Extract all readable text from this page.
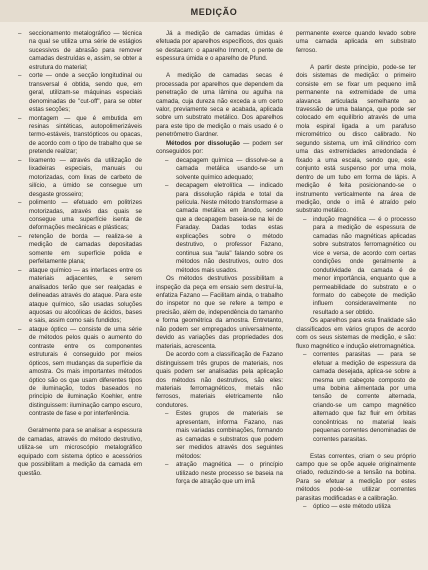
MEDIÇÃO

– seccionamento metalográfico — técnica na qual se utiliza uma série de estágios sucessivos de abrasão para remover camadas destruídas e, assim, se obter a estrutura do material;

– corte — onde a secção longitudinal ou transversal é obtida, sendo que, em geral, utilizam-se máquinas especiais denominadas de "cut-off", para se obter estas secções;

– montagem — que é embutida em resinas sintéticas, autopolimerizáveis termo-estáveis, transtópticos ou opacas, de acordo com o tipo de trabalho que se pretende realizar;

– lixamento — através da utilização de lixadeiras especiais, manuais ou motorizadas, com lixas de carbeto de silício, a úmido se consegue um desgaste grosseiro;

– polimento — efetuado em politrizes motorizadas, através das quais se consegue uma superfície isenta de deformações mecânicas e plásticas;

– retenção de borda — realiza-se a medição de camadas depositadas somente em superfície polida e perfeitamente plana;

– ataque químico — as interfaces entre os materiais adjacentes, e serem analisados terão que ser realçadas e delineadas através do ataque. Para este ataque químico, são usadas soluções aquosas ou alcoólicas de ácidos, bases e sais, assim como sais fundidos;

– ataque óptico — consiste de uma série de métodos pelos quais o aumento do contraste entre os componentes estruturais é conseguido por meios ópticos, sem mudanças da superfície da amostra. Os mais importantes métodos óptico são os que usam diferentes tipos de iluminação, todos baseados no princípio de iluminação Koehler, entre distinguissem: iluminação campo escuro, contraste de fase e por interferência.

Geralmente para se analisar a espessura de camadas, através do método destrutivo, utiliza-se um microscópio metalográfico equipado com sistema óptico e acessórios que possibilitam a medição da camada em questão.

Já a medição de camadas úmidas é efetuada por aparelhos específicos, dos quais se destacam: o aparelho Inmont, o pente de espessura úmida e o aparelho de Pfund.

A medição de camadas secas é processada por aparelhos que dependem da penetração de uma lâmina ou agulha na camada, cuja dureza não exceda a um certo valor, previamente seca e acabada, aplicada sobre um substrato metálico. Dos aparelhos para este tipo de medição o mais usado é o penetrômetro Gardner.

Métodos por dissolução — podem ser conseguidos por:

– decapagem química — dissolve-se a camada metálica usando-se um solvente químico adequado;

– decapagem eletrolítica — indicado para dissolução rápida e total da película. Neste método transformase a camada metálica em ânodo, sendo que a decapagem baseia-se na lei de Faraday. Dadas todas estas explicações sobre o método destrutivo, o professor Fazano, continua sua "aula" falando sobre os métodos não destrutivos, outro dos métodos mais usados.

Os métodos destrutivos possibilitam a inspeção da peça em ensaio sem destruí-la, enfatiza Fazano — Facilitam ainda, o trabalho do inspetor no que se refere a tempo e precisão, além de, independência do tamanho e forma geométrica da amostra. Entretanto, não podem ser empregados universalmente, devido as variações das propriedades dos materiais, acrescenta.

De acordo com a classificação de Fazano distinguissem três grupos de materiais, nos quais podem ser analisadas pela aplicação dos métodos não destrutivos, são eles: materiais ferromagnéticos, metais não ferrosos, materiais eletricamente não condutores.

– Estes grupos de materiais se apresentam, informa Fazano, nas mais variadas combinações, formando as camadas e substratos que podem ser medidos através dos seguintes métodos:

– atração magnética — o princípio utilizado neste processo se baseia na força de atração que um imã

permanente exerce quando levado sobre uma camada aplicada em substrato ferroso.

A partir deste princípio, pode-se ter dois sistemas de medição: o primeiro consiste em se fixar um pequeno imã permanente na extremidade de uma alavanca articulada semelhante ao travessão de uma balança, que pode ser colocado em equilíbrio através de uma mola espiral ligada a um parafuso micrométrico ou disco calibrado. No segundo sistema, um imã cilíndrico com uma das extremidades arredondada é fixado a uma escala, sendo que, este conjunto está suspenso por uma mola, dentro de um tubo em forma de lápis. A medição é feita posicionando-se o instrumento verticalmente na área de medição, onde o imã é atraído pelo substrato metálico.

– indução magnética — é o processo para a medição de espessura de camadas não magnéticas aplicadas sobre substratos ferromagnético ou vice e versa, de acordo com certas condições onde geralmente a condutividade da camada é de menor importância, enquanto que a permeabilidade do substrato e o formato do cabeçote de medição influem consideravelmente no resultado a ser obtido.

Os aparelhos para esta finalidade são classificados em vários grupos de acordo com os seus sistemas de medição, e são: fluxo magnético e indução eletromagnética.

– correntes parasitas — para se efetuar a medição de espessura da camada desejada, aplica-se sobre a mesma um cabeçote composto de uma bobina alimentada por uma tensão de corrente alternada, criando-se um campo magnético alternado que faz fluir em órbitas concêntricas no material leais pequenas correntes denominadas de correntes parasitas.

Estas correntes, criam o seu próprio campo que se opõe aquele originalmente criado, reduzindo-se a tensão na bobina. Para se efetuar a medição por estes métodos pode-se utilizar correntes parasitas modificadas e a calibração.

– óptico — este método utiliza
